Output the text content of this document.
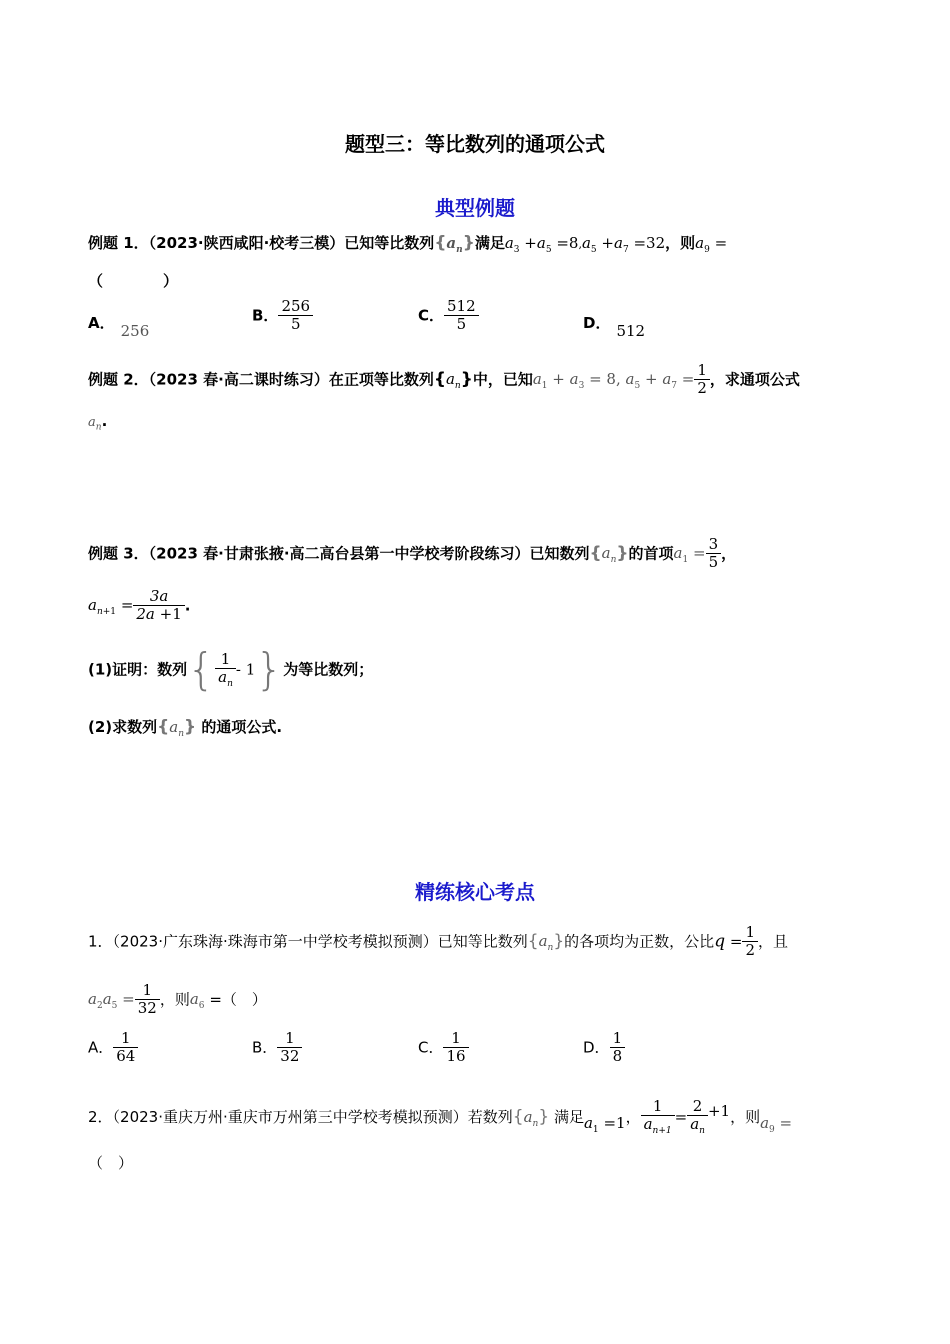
题型三：等比数列的通项公式
典型例题
例题 1．（2023·陕西咸阳·校考三模）已知等比数列$\{a_n\}$满足$a_3 +a_5 =8,a_5 +a_7 =32$，则$a_9$ =
（　　　　）
A． 256
B． $\frac{256}{5}$	C． $\frac{512}{5}$	D． 512
例题 2．（2023 春·高二课时练习）在正项等比数列$\{a_n\}$中，已知$a_1 + a_3 = 8$, $a_5 + a_7 = \frac{1}{2}$ ，求通项公式
$a_n$.
例题 3．（2023 春·甘肃张掖·高二高台县第一中学校考阶段练习）已知数列$\{a_n\}$的首项$a_1 = \frac{3}{5}$ ，
$a_{n+1} = \frac{3a}{2a +1}$ .
(1)证明：数列{ $\frac{1}{a_n} - 1$}为等比数列；
(2)求数列$\{a_n\}$ 的通项公式.
精练核心考点
1．（2023·广东珠海·珠海市第一中学校考模拟预测）已知等比数列$\{a_n\}$的各项均为正数，公比$q = \frac{1}{2}$ ，且
$a_2a_5 = \frac{1}{32}$ ，则$a_6$ =（　）
A． $\frac{1}{64}$	B． $\frac{1}{32}$	C． $\frac{1}{16}$	D． $\frac{1}{8}$
2．（2023·重庆万州·重庆市万州第三中学校考模拟预测）若数列$\{a_n\}$ 满足$a_1 =1$， $\frac{1}{a_{n+1}} = \frac{2}{a_n} +1$，则$a_9$ =
（　）
